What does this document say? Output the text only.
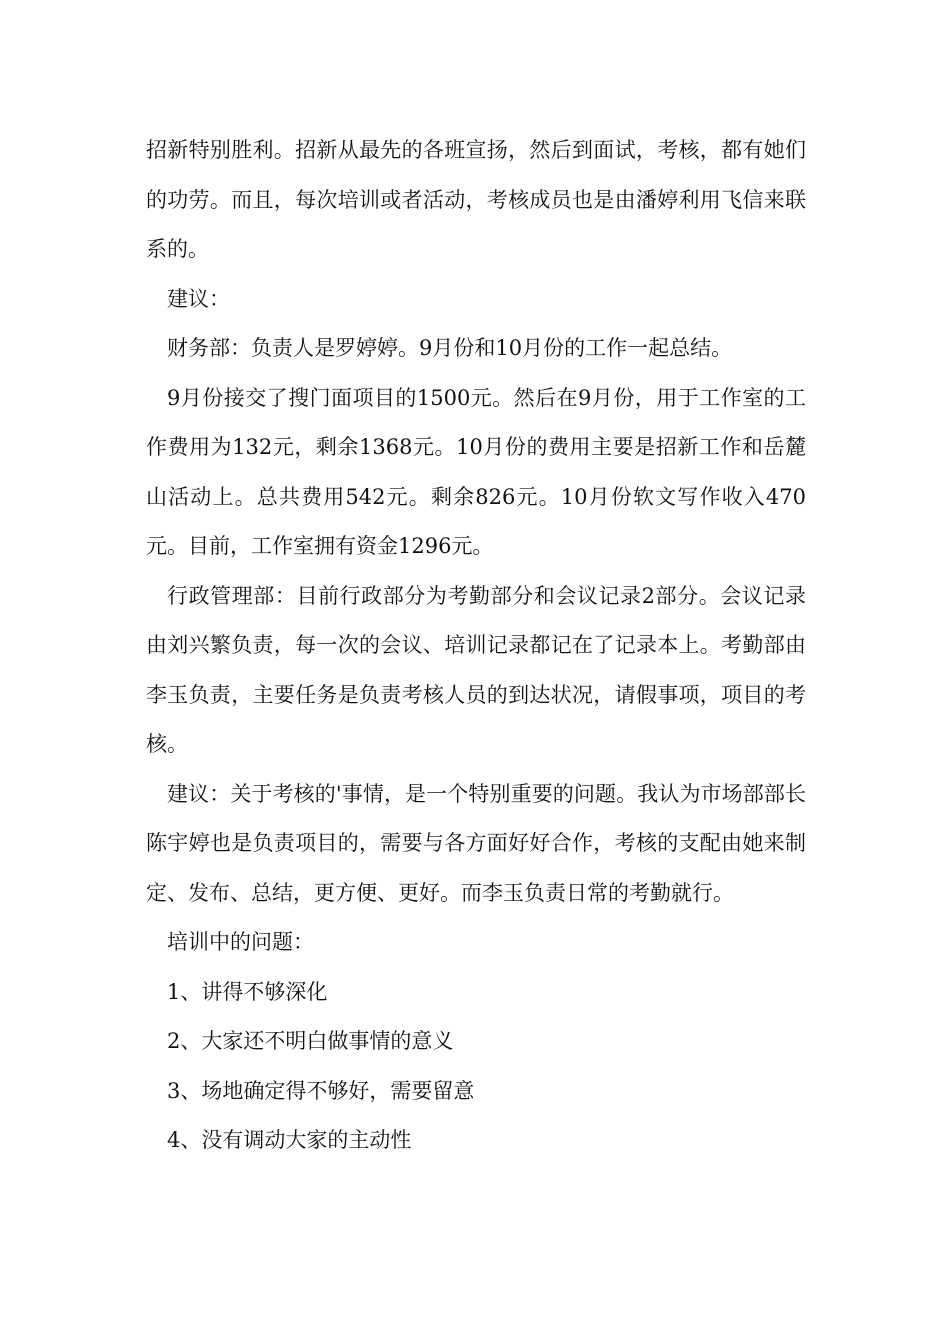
招新特别胜利。招新从最先的各班宣扬，然后到面试，考核，都有她们的功劳。而且，每次培训或者活动，考核成员也是由潘婷利用飞信来联系的。

建议：

财务部：负责人是罗婷婷。9月份和10月份的工作一起总结。

9月份接交了搜门面项目的1500元。然后在9月份，用于工作室的工作费用为132元，剩余1368元。10月份的费用主要是招新工作和岳麓山活动上。总共费用542元。剩余826元。10月份软文写作收入470元。目前，工作室拥有资金1296元。

行政管理部：目前行政部分为考勤部分和会议记录2部分。会议记录由刘兴繁负责，每一次的会议、培训记录都记在了记录本上。考勤部由李玉负责，主要任务是负责考核人员的到达状况，请假事项，项目的考核。

建议：关于考核的'事情，是一个特别重要的问题。我认为市场部部长陈宇婷也是负责项目的，需要与各方面好好合作，考核的支配由她来制定、发布、总结，更方便、更好。而李玉负责日常的考勤就行。

培训中的问题：

1、讲得不够深化

2、大家还不明白做事情的意义

3、场地确定得不够好，需要留意

4、没有调动大家的主动性
